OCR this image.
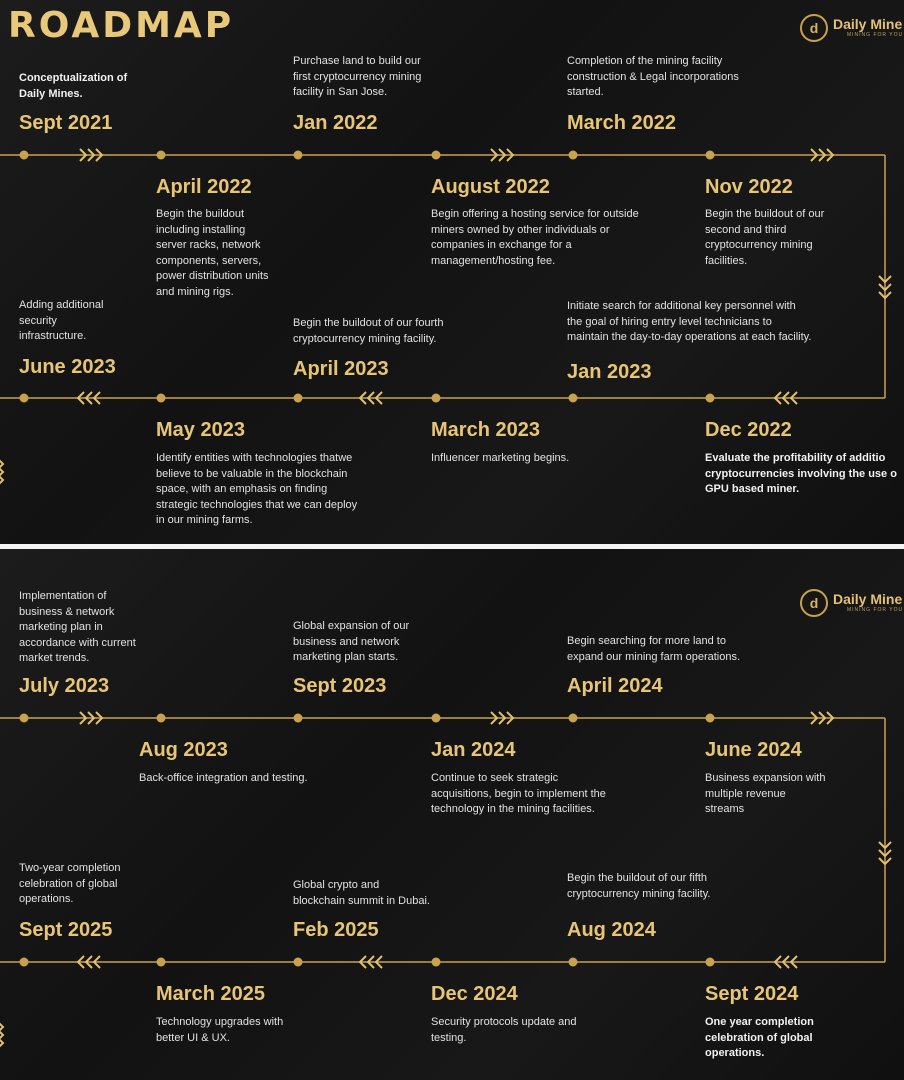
ROADMAP	d	Daily Mine
MINING FOR YOU
Conceptualization of
Daily Mines.
Sept 2021
April 2022
Begin the buildout
including installing
server racks, network
components, servers,
power distribution units
and mining rigs.
Purchase land to build our
first cryptocurrency mining
facility in San Jose.
Jan 2022
August 2022
Begin offering a hosting service for outside
miners owned by other individuals or
companies in exchange for a
management/hosting fee.
Completion of the mining facility
construction & Legal incorporations
started.
March 2022
Nov 2022
Begin the buildout of our
second and third
cryptocurrency mining
facilities.
Adding additional
security
infrastructure.
June 2023
May 2023
Identify entities with technologies thatwe
believe to be valuable in the blockchain
space, with an emphasis on finding
strategic technologies that we can deploy
in our mining farms.
Begin the buildout of our fourth
cryptocurrency mining facility.
April 2023
March 2023
Influencer marketing begins.
Initiate search for additional key personnel with
the goal of hiring entry level technicians to
maintain the day-to-day operations at each facility.
Jan 2023
Dec 2022
Evaluate the profitability of additio
cryptocurrencies involving the use o
GPU based miner.
d	Daily Mine
MINING FOR YOU
Implementation of
business & network
marketing plan in
accordance with current
market trends.
July 2023
Aug 2023
Back-office integration and testing.
Global expansion of our
business and network
marketing plan starts.
Sept 2023
Jan 2024
Continue to seek strategic
acquisitions, begin to implement the
technology in the mining facilities.
Begin searching for more land to
expand our mining farm operations.
April 2024
June 2024
Business expansion with
multiple revenue
streams
Two-year completion
celebration of global
operations.
Sept 2025
March 2025
Technology upgrades with
better UI & UX.
Global crypto and
blockchain summit in Dubai.
Feb 2025
Dec 2024
Security protocols update and
testing.
Begin the buildout of our fifth
cryptocurrency mining facility.
Aug 2024
Sept 2024
One year completion
celebration of global
operations.
